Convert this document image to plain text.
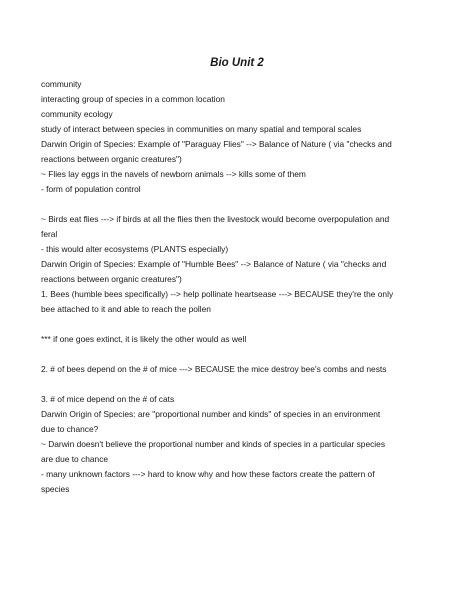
Bio Unit 2
community
interacting group of species in a common location
community ecology
study of interact between species in communities on many spatial and temporal scales
Darwin Origin of Species: Example of "Paraguay Flies" --> Balance of Nature ( via "checks and
reactions between organic creatures")
~ Flies lay eggs in the navels of newborn animals --> kills some of them
- form of population control
~ Birds eat flies ---> if birds at all the flies then the livestock would become overpopulation and
feral
- this would alter ecosystems (PLANTS especially)
Darwin Origin of Species: Example of "Humble Bees" --> Balance of Nature ( via "checks and
reactions between organic creatures")
1. Bees (humble bees specifically) --> help pollinate heartsease ---> BECAUSE they're the only
bee attached to it and able to reach the pollen
*** if one goes extinct, it is likely the other would as well
2. # of bees depend on the # of mice ---> BECAUSE the mice destroy bee's combs and nests
3. # of mice depend on the # of cats
Darwin Origin of Species: are "proportional number and kinds" of species in an environment
due to chance?
~ Darwin doesn't believe the proportional number and kinds of species in a particular species
are due to chance
- many unknown factors ---> hard to know why and how these factors create the pattern of
species
